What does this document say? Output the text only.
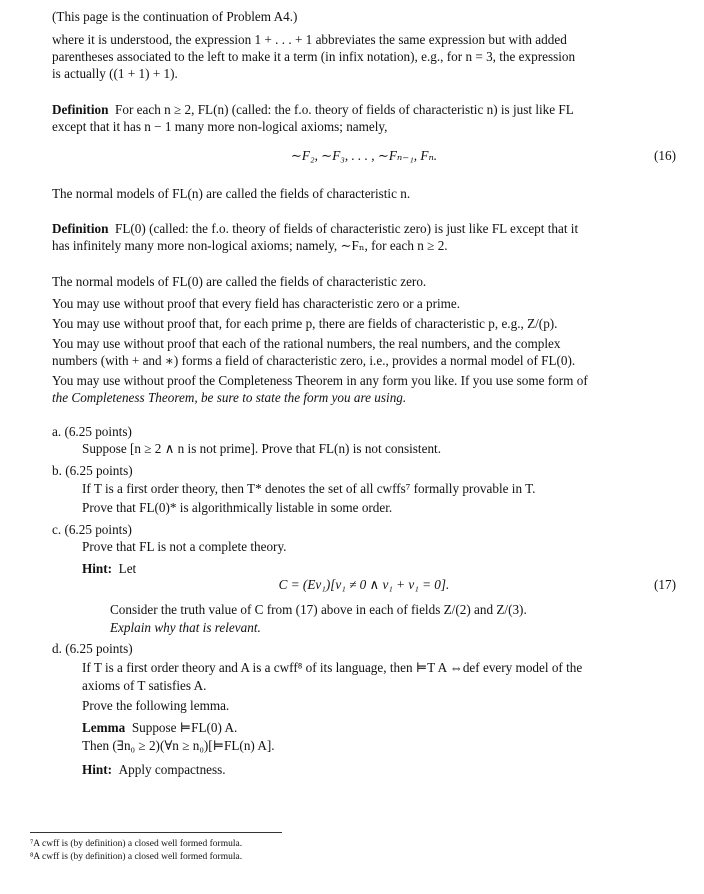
(This page is the continuation of Problem A4.)

where it is understood, the expression 1 + . . . + 1 abbreviates the same expression but with added

parentheses associated to the left to make it a term (in infix notation), e.g., for n = 3, the expression

is actually ((1 + 1) + 1).

Definition For each n ≥ 2, FL(n) (called: the f.o. theory of fields of characteristic n) is just like FL

except that it has n − 1 many more non-logical axioms; namely,

∼F₂, ∼F₃, . . . , ∼Fₙ₋₁, Fₙ.	(16)

The normal models of FL(n) are called the fields of characteristic n.

Definition FL(0) (called: the f.o. theory of fields of characteristic zero) is just like FL except that it

has infinitely many more non-logical axioms; namely, ∼Fₙ, for each n ≥ 2.

The normal models of FL(0) are called the fields of characteristic zero.

You may use without proof that every field has characteristic zero or a prime.

You may use without proof that, for each prime p, there are fields of characteristic p, e.g., Z/(p).

You may use without proof that each of the rational numbers, the real numbers, and the complex

numbers (with + and ∗) forms a field of characteristic zero, i.e., provides a normal model of FL(0).

You may use without proof the Completeness Theorem in any form you like. If you use some form of

the Completeness Theorem, be sure to state the form you are using.

a. (6.25 points)

Suppose [n ≥ 2 ∧ n is not prime]. Prove that FL(n) is not consistent.

b. (6.25 points)

If T is a first order theory, then T* denotes the set of all cwffs⁷ formally provable in T.

Prove that FL(0)* is algorithmically listable in some order.

c. (6.25 points)

Prove that FL is not a complete theory.

Hint: Let

C = (Ev₁)[v₁ ≠ 0 ∧ v₁ + v₁ = 0].	(17)

Consider the truth value of C from (17) above in each of fields Z/(2) and Z/(3).

Explain why that is relevant.

d. (6.25 points)

If T is a first order theory and A is a cwff⁸ of its language, then ⊨T A ⇔def every model of the

axioms of T satisfies A.

Prove the following lemma.

Lemma Suppose ⊨FL(0) A.

Then (∃n₀ ≥ 2)(∀n ≥ n₀)[⊨FL(n) A].

Hint: Apply compactness.

⁷A cwff is (by definition) a closed well formed formula.

⁸A cwff is (by definition) a closed well formed formula.
